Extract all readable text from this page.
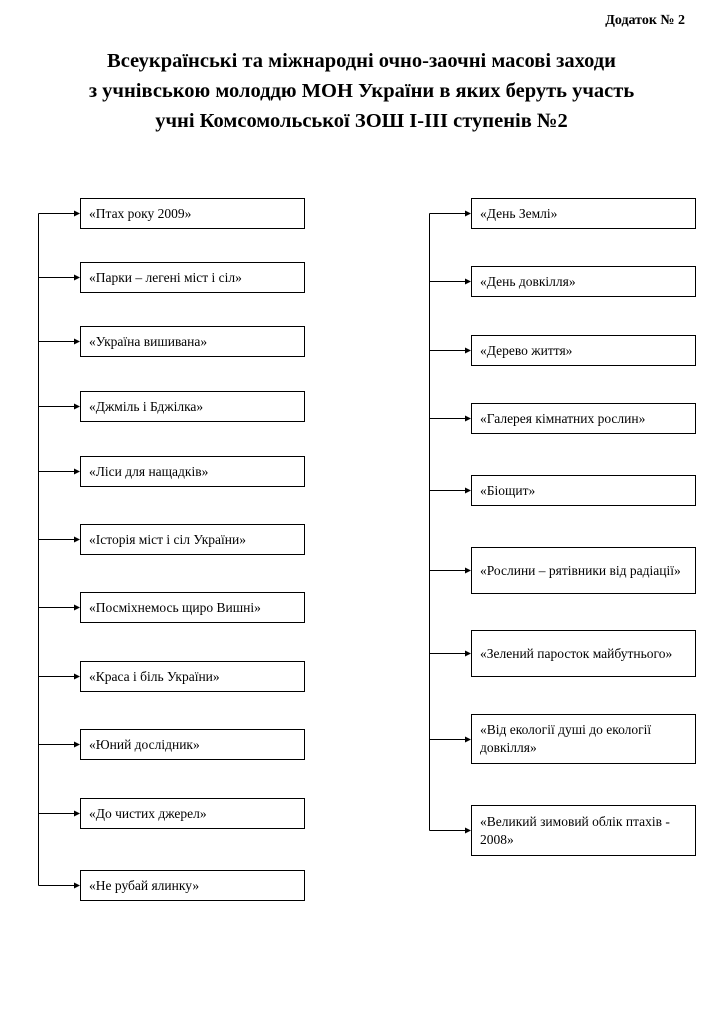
Додаток № 2
Всеукраїнські та міжнародні очно-заочні масові заходи
з учнівською молоддю МОН України в яких беруть участь
учні Комсомольської ЗОШ І-ІІІ ступенів №2
«Птах року 2009»
«Парки – легені міст і сіл»
«Україна вишивана»
«Джміль і Бджілка»
«Ліси для нащадків»
«Історія міст і сіл України»
«Посміхнемось щиро Вишні»
«Краса і біль України»
«Юний дослідник»
«До чистих джерел»
«Не рубай ялинку»
«День Землі»
«День довкілля»
«Дерево життя»
«Галерея кімнатних рослин»
«Біощит»
«Рослини – рятівники від радіації»
«Зелений паросток майбутнього»
«Від екології душі до екології довкілля»
«Великий зимовий облік птахів - 2008»
